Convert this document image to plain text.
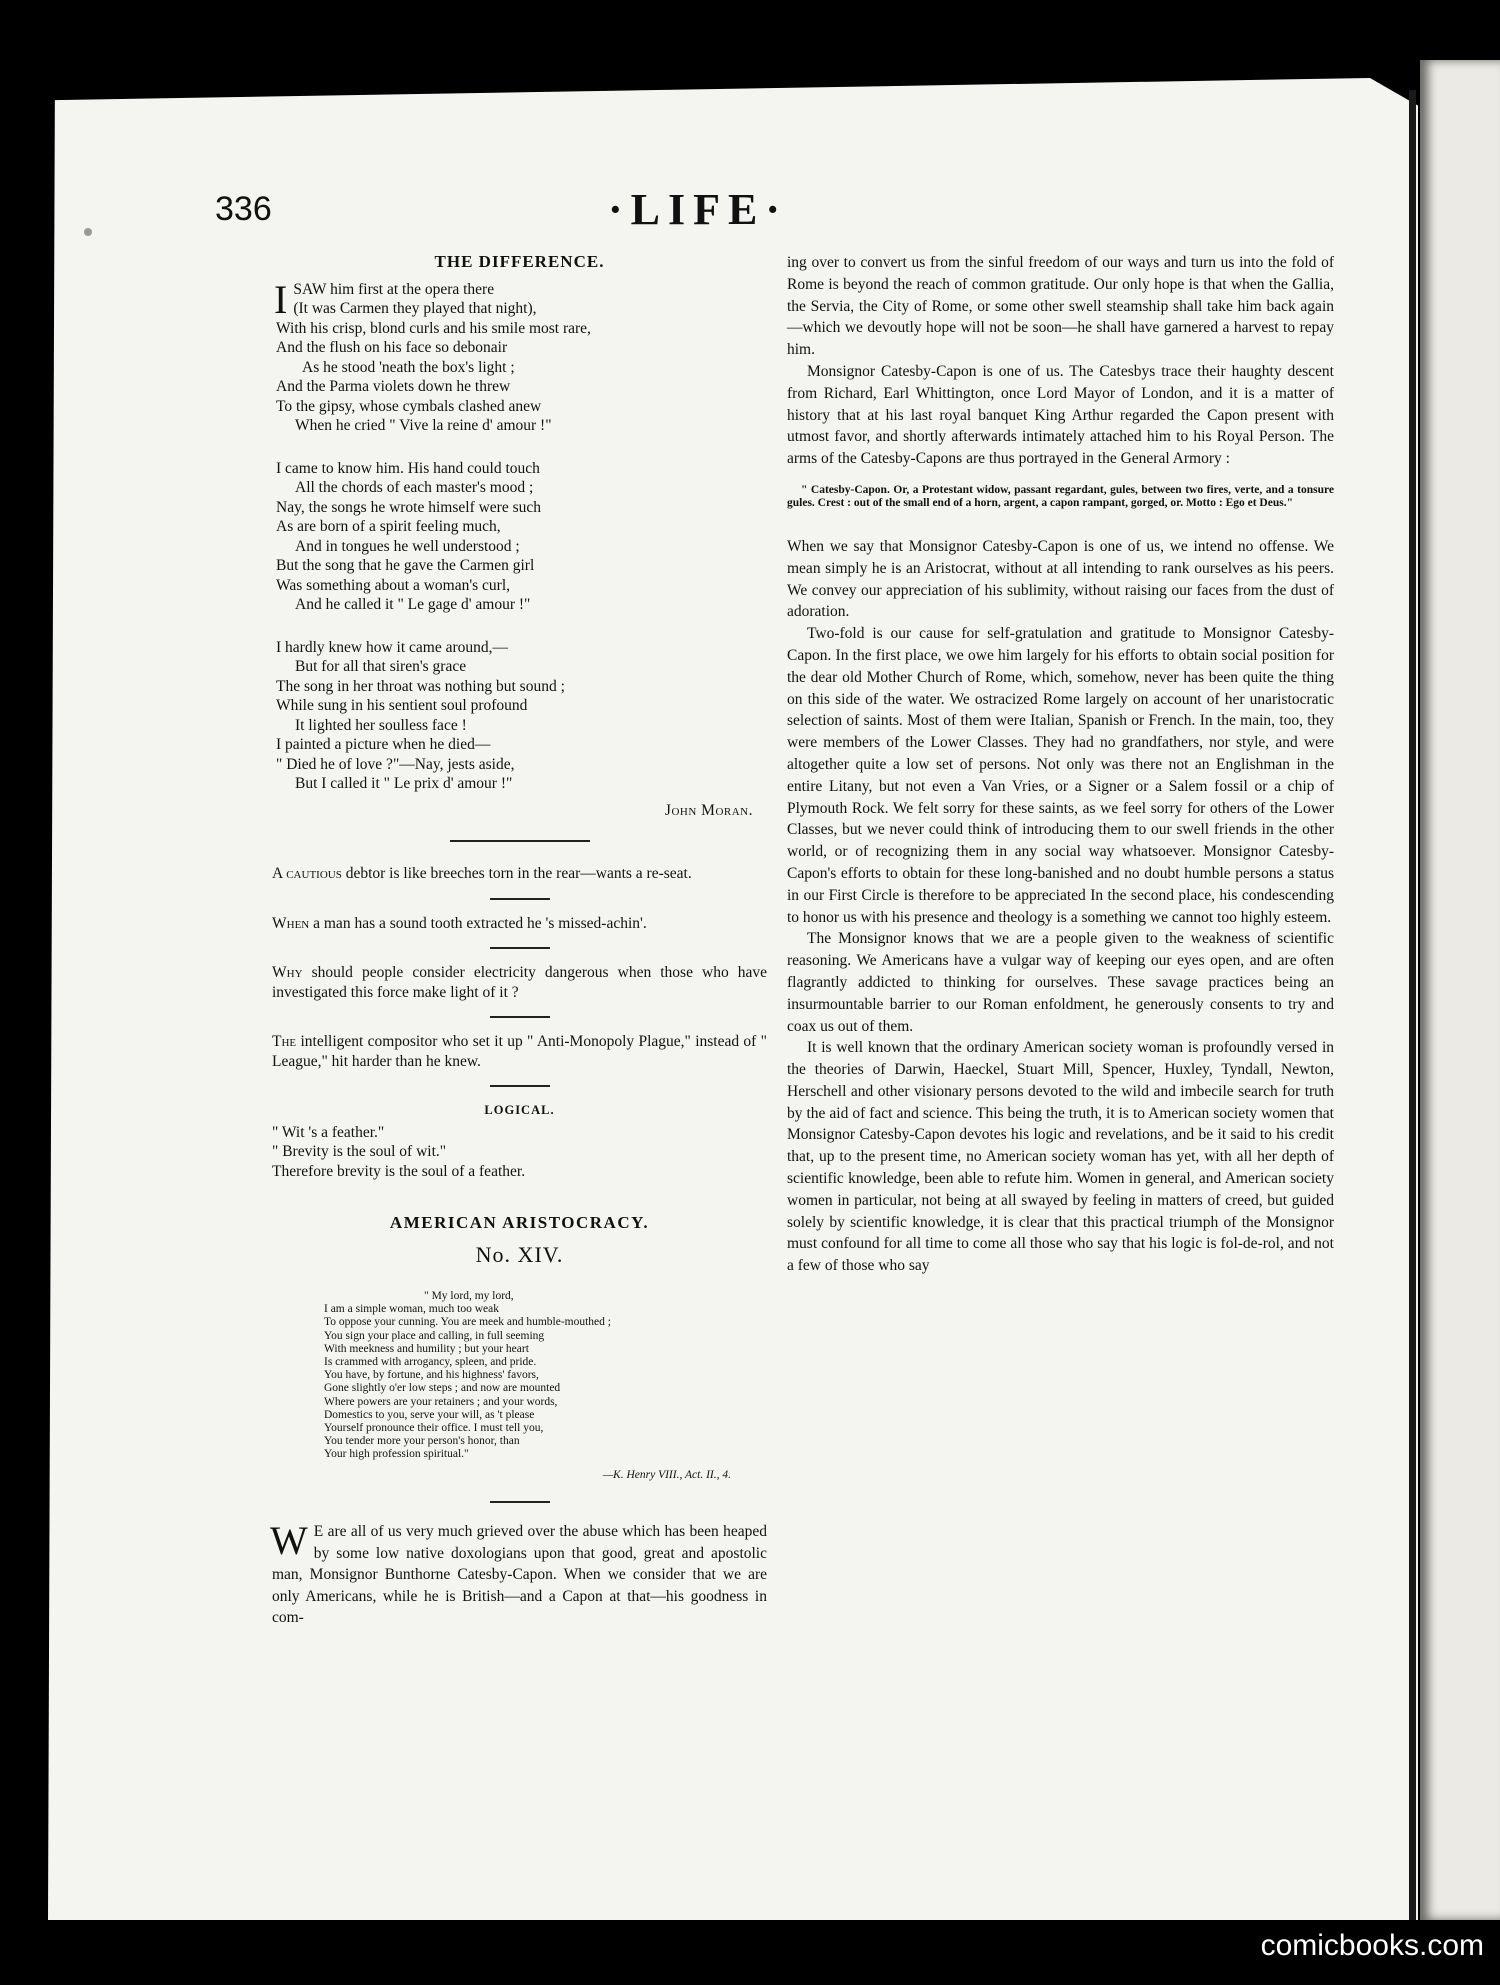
336	·LIFE·
THE DIFFERENCE.
I SAW him first at the opera there
(It was Carmen they played that night),
With his crisp, blond curls and his smile most rare,
And the flush on his face so debonair
As he stood 'neath the box's light ;
And the Parma violets down he threw
To the gipsy, whose cymbals clashed anew
When he cried " Vive la reine d' amour !"
I came to know him. His hand could touch
All the chords of each master's mood ;
Nay, the songs he wrote himself were such
As are born of a spirit feeling much,
And in tongues he well understood ;
But the song that he gave the Carmen girl
Was something about a woman's curl,
And he called it " Le gage d' amour !"
I hardly knew how it came around,—
But for all that siren's grace
The song in her throat was nothing but sound ;
While sung in his sentient soul profound
It lighted her soulless face !
I painted a picture when he died—
" Died he of love ?"—Nay, jests aside,
But I called it " Le prix d' amour !"
John Moran.

A cautious debtor is like breeches torn in the rear—wants a re-seat.

When a man has a sound tooth extracted he 's missed-achin'.

Why should people consider electricity dangerous when those who have investigated this force make light of it ?

The intelligent compositor who set it up " Anti-Monopoly Plague," instead of " League," hit harder than he knew.

LOGICAL.
" Wit 's a feather."
" Brevity is the soul of wit."
Therefore brevity is the soul of a feather.
AMERICAN ARISTOCRACY.
No. XIV.
" My lord, my lord,
I am a simple woman, much too weak
To oppose your cunning. You are meek and humble-mouthed ;
You sign your place and calling, in full seeming
With meekness and humility ; but your heart
Is crammed with arrogancy, spleen, and pride.
You have, by fortune, and his highness' favors,
Gone slightly o'er low steps ; and now are mounted
Where powers are your retainers ; and your words,
Domestics to you, serve your will, as 't please
Yourself pronounce their office. I must tell you,
You tender more your person's honor, than
Your high profession spiritual."
—K. Henry VIII., Act. II., 4.

W E are all of us very much grieved over the abuse which has been heaped by some low native doxologians upon that good, great and apostolic man, Monsignor Bunthorne Catesby-Capon. When we consider that we are only Americans, while he is British—and a Capon at that—his goodness in com-

ing over to convert us from the sinful freedom of our ways and turn us into the fold of Rome is beyond the reach of common gratitude. Our only hope is that when the Gallia, the Servia, the City of Rome, or some other swell steamship shall take him back again—which we devoutly hope will not be soon—he shall have garnered a harvest to repay him.

Monsignor Catesby-Capon is one of us. The Catesbys trace their haughty descent from Richard, Earl Whittington, once Lord Mayor of London, and it is a matter of history that at his last royal banquet King Arthur regarded the Capon present with utmost favor, and shortly afterwards intimately attached him to his Royal Person. The arms of the Catesby-Capons are thus portrayed in the General Armory :

" Catesby-Capon. Or, a Protestant widow, passant regardant, gules, between two fires, verte, and a tonsure gules. Crest : out of the small end of a horn, argent, a capon rampant, gorged, or. Motto : Ego et Deus."

When we say that Monsignor Catesby-Capon is one of us, we intend no offense. We mean simply he is an Aristocrat, without at all intending to rank ourselves as his peers. We convey our appreciation of his sublimity, without raising our faces from the dust of adoration.

Two-fold is our cause for self-gratulation and gratitude to Monsignor Catesby-Capon. In the first place, we owe him largely for his efforts to obtain social position for the dear old Mother Church of Rome, which, somehow, never has been quite the thing on this side of the water. We ostracized Rome largely on account of her unaristocratic selection of saints. Most of them were Italian, Spanish or French. In the main, too, they were members of the Lower Classes. They had no grandfathers, nor style, and were altogether quite a low set of persons. Not only was there not an Englishman in the entire Litany, but not even a Van Vries, or a Signer or a Salem fossil or a chip of Plymouth Rock. We felt sorry for these saints, as we feel sorry for others of the Lower Classes, but we never could think of introducing them to our swell friends in the other world, or of recognizing them in any social way whatsoever. Monsignor Catesby-Capon's efforts to obtain for these long-banished and no doubt humble persons a status in our First Circle is therefore to be appreciated In the second place, his condescending to honor us with his presence and theology is a something we cannot too highly esteem.

The Monsignor knows that we are a people given to the weakness of scientific reasoning. We Americans have a vulgar way of keeping our eyes open, and are often flagrantly addicted to thinking for ourselves. These savage practices being an insurmountable barrier to our Roman enfoldment, he generously consents to try and coax us out of them.

It is well known that the ordinary American society woman is profoundly versed in the theories of Darwin, Haeckel, Stuart Mill, Spencer, Huxley, Tyndall, Newton, Herschell and other visionary persons devoted to the wild and imbecile search for truth by the aid of fact and science. This being the truth, it is to American society women that Monsignor Catesby-Capon devotes his logic and revelations, and be it said to his credit that, up to the present time, no American society woman has yet, with all her depth of scientific knowledge, been able to refute him. Women in general, and American society women in particular, not being at all swayed by feeling in matters of creed, but guided solely by scientific knowledge, it is clear that this practical triumph of the Monsignor must confound for all time to come all those who say that his logic is fol-de-rol, and not a few of those who say

comicbooks.com
